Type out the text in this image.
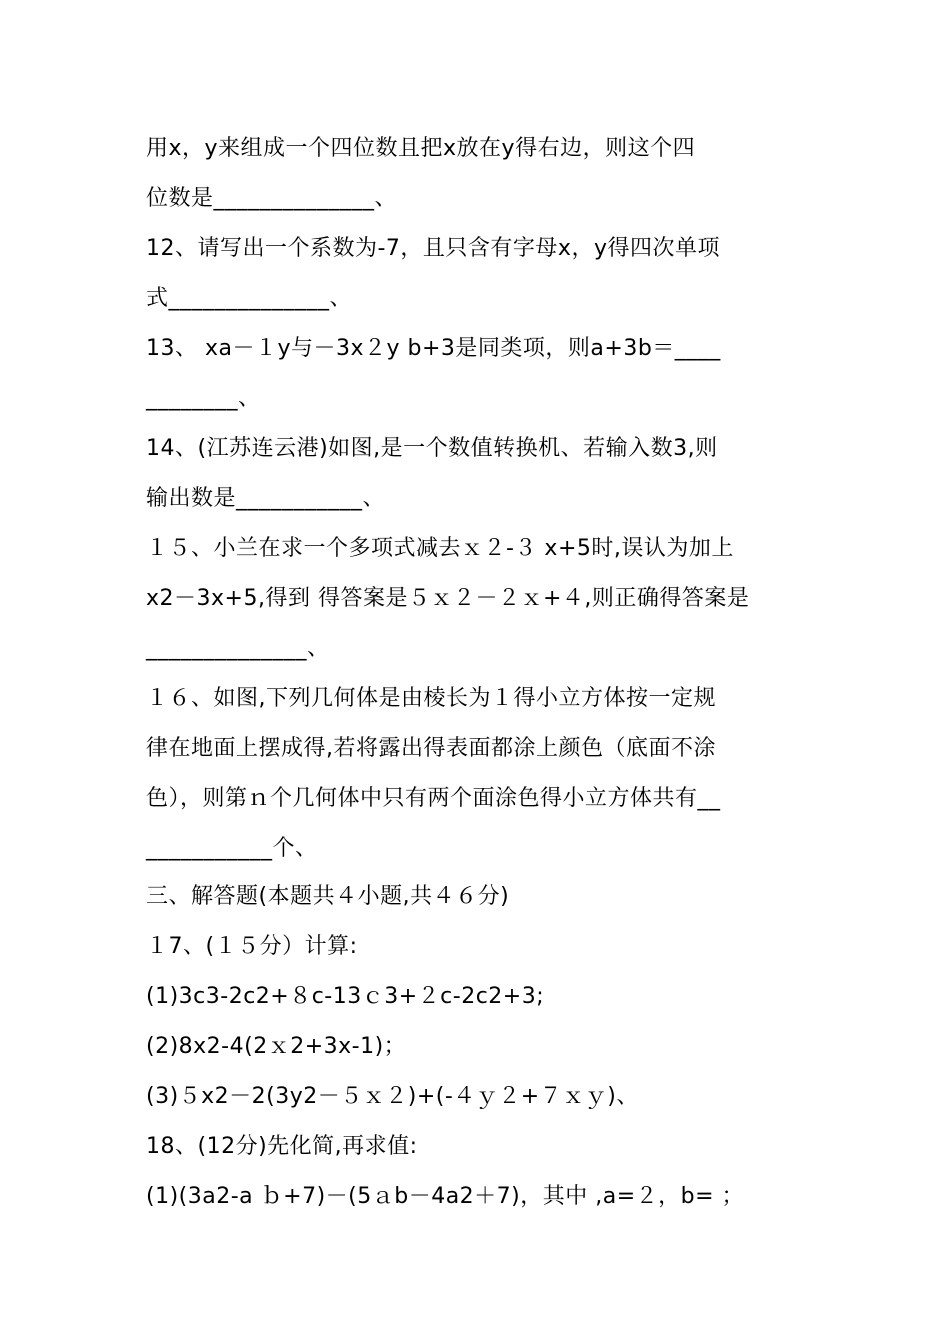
用x，y来组成一个四位数且把x放在y得右边，则这个四
位数是______________、
12、请写出一个系数为-7，且只含有字母x，y得四次单项
式______________、
13、 xa－１y与－3x２y b+3是同类项，则a+3b＝____
________、
14、(江苏连云港)如图,是一个数值转换机、若输入数3,则
输出数是___________、
１５、小兰在求一个多项式减去ｘ２-３ x+5时,误认为加上
x2－3x+5,得到 得答案是５ｘ２－２ｘ+４,则正确得答案是
______________、
１６、如图,下列几何体是由棱长为１得小立方体按一定规
律在地面上摆成得,若将露出得表面都涂上颜色（底面不涂
色），则第ｎ个几何体中只有两个面涂色得小立方体共有__
___________个、
三、解答题(本题共４小题,共４６分)
１7、(１５分）计算:
(1)3c3-2c2+８c-13ｃ3+２c-2c2+3;
(2)8x2-4(2ｘ2+3x-1)；
(3)５x2－2(3y2－５ｘ２)+(-４ｙ２+７ｘｙ)、
18、(12分)先化简,再求值:
(1)(3a2-a ｂ+7)－(5ａb－4a2＋7)，其中 ,a=２，b= ；
